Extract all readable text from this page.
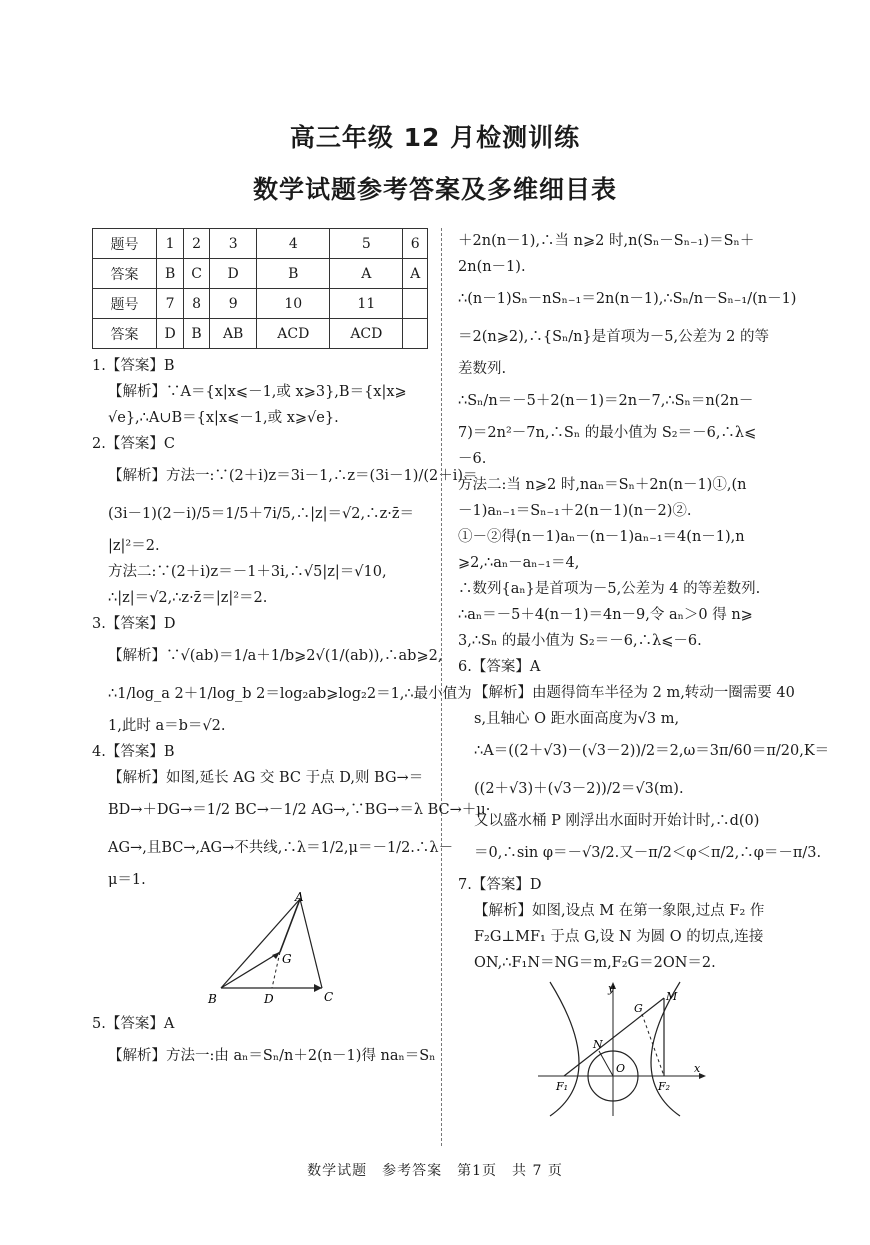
高三年级 12 月检测训练
数学试题参考答案及多维细目表
题号	1	2	3	4	5	6
答案	B	C	D	B	A	A
题号	7	8	9	10	11	
答案	D	B	AB	ACD	ACD	
1.【答案】B
【解析】∵A＝{x|x⩽－1,或 x⩾3},B＝{x|x⩾
√e},∴A∪B＝{x|x⩽－1,或 x⩾√e}.
2.【答案】C
【解析】方法一:∵(2＋i)z＝3i－1,∴z＝(3i－1)/(2＋i)＝
(3i－1)(2－i)/5＝1/5＋7i/5,∴|z|＝√2,∴z·z̄＝
|z|²＝2.
方法二:∵(2＋i)z＝－1＋3i,∴√5|z|＝√10,
∴|z|＝√2,∴z·z̄＝|z|²＝2.
3.【答案】D
【解析】∵√(ab)＝1/a＋1/b⩾2√(1/(ab)),∴ab⩾2,
∴1/log_a 2＋1/log_b 2＝log₂ab⩾log₂2＝1,∴最小值为
1,此时 a＝b＝√2.
4.【答案】B
【解析】如图,延长 AG 交 BC 于点 D,则 BG→＝
BD→＋DG→＝1/2 BC→－1/2 AG→,∵BG→＝λ BC→＋μ·
AG→,且BC→,AG→不共线,∴λ＝1/2,μ＝－1/2.∴λ－
μ＝1.
A
G
B	D	C
5.【答案】A
【解析】方法一:由 aₙ＝Sₙ/n＋2(n－1)得 naₙ＝Sₙ
＋2n(n－1),∴当 n⩾2 时,n(Sₙ－Sₙ₋₁)＝Sₙ＋
2n(n－1).
∴(n－1)Sₙ－nSₙ₋₁＝2n(n－1),∴Sₙ/n－Sₙ₋₁/(n－1)
＝2(n⩾2),∴{Sₙ/n}是首项为－5,公差为 2 的等
差数列.
∴Sₙ/n＝－5＋2(n－1)＝2n－7,∴Sₙ＝n(2n－
7)＝2n²－7n,∴Sₙ 的最小值为 S₂＝－6,∴λ⩽
－6.
方法二:当 n⩾2 时,naₙ＝Sₙ＋2n(n－1)①,(n
－1)aₙ₋₁＝Sₙ₋₁＋2(n－1)(n－2)②.
①－②得(n－1)aₙ－(n－1)aₙ₋₁＝4(n－1),n
⩾2,∴aₙ－aₙ₋₁＝4,
∴数列{aₙ}是首项为－5,公差为 4 的等差数列.
∴aₙ＝－5＋4(n－1)＝4n－9,令 aₙ＞0 得 n⩾
3,∴Sₙ 的最小值为 S₂＝－6,∴λ⩽－6.
6.【答案】A
【解析】由题得筒车半径为 2 m,转动一圈需要 40
s,且轴心 O 距水面高度为√3 m,
∴A＝((2＋√3)－(√3－2))/2＝2,ω＝3π/60＝π/20,K＝
((2＋√3)＋(√3－2))/2＝√3(m).
又以盛水桶 P 刚浮出水面时开始计时,∴d(0)
＝0,∴sin φ＝－√3/2.又－π/2＜φ＜π/2,∴φ＝－π/3.
7.【答案】D
【解析】如图,设点 M 在第一象限,过点 F₂ 作
F₂G⊥MF₁ 于点 G,设 N 为圆 O 的切点,连接
ON,∴F₁N＝NG＝m,F₂G＝2ON＝2.
y
G
M
N
O
F₁	F₂
x
数学试题　参考答案　第1页　共 7 页
